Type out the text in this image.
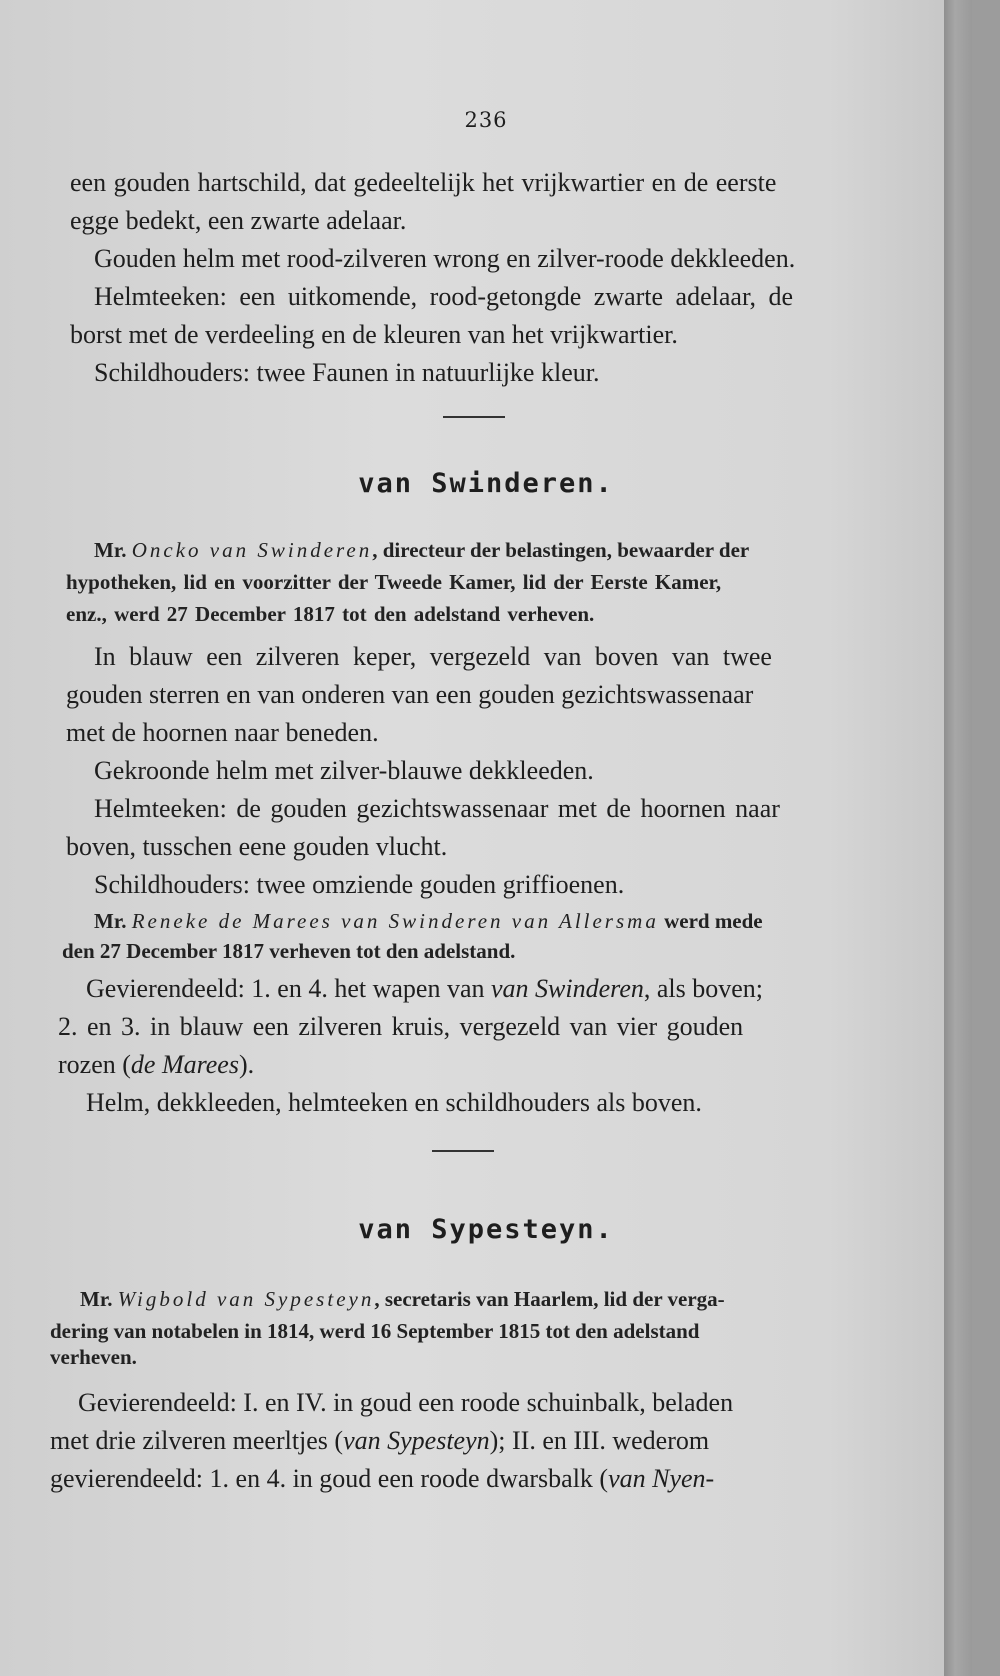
236
een gouden hartschild, dat gedeeltelijk het vrijkwartier en de eerste
egge bedekt, een zwarte adelaar.
Gouden helm met rood-zilveren wrong en zilver-roode dekkleeden.
Helmteeken: een uitkomende, rood-getongde zwarte adelaar, de
borst met de verdeeling en de kleuren van het vrijkwartier.
Schildhouders: twee Faunen in natuurlijke kleur.
van Swinderen.
Mr. Oncko van Swinderen, directeur der belastingen, bewaarder der
hypotheken, lid en voorzitter der Tweede Kamer, lid der Eerste Kamer,
enz., werd 27 December 1817 tot den adelstand verheven.
In blauw een zilveren keper, vergezeld van boven van twee
gouden sterren en van onderen van een gouden gezichtswassenaar
met de hoornen naar beneden.
Gekroonde helm met zilver-blauwe dekkleeden.
Helmteeken: de gouden gezichtswassenaar met de hoornen naar
boven, tusschen eene gouden vlucht.
Schildhouders: twee omziende gouden griffioenen.
Mr. Reneke de Marees van Swinderen van Allersma werd mede
den 27 December 1817 verheven tot den adelstand.
Gevierendeeld: 1. en 4. het wapen van van Swinderen, als boven;
2. en 3. in blauw een zilveren kruis, vergezeld van vier gouden
rozen (de Marees).
Helm, dekkleeden, helmteeken en schildhouders als boven.
van Sypesteyn.
Mr. Wigbold van Sypesteyn, secretaris van Haarlem, lid der verga-
dering van notabelen in 1814, werd 16 September 1815 tot den adelstand
verheven.
Gevierendeeld: I. en IV. in goud een roode schuinbalk, beladen
met drie zilveren meerltjes (van Sypesteyn); II. en III. wederom
gevierendeeld: 1. en 4. in goud een roode dwarsbalk (van Nyen-
